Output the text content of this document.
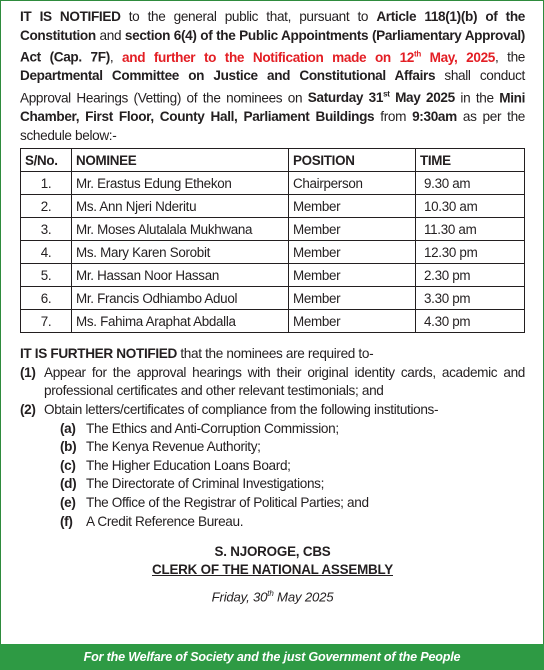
IT IS NOTIFIED to the general public that, pursuant to Article 118(1)(b) of the Constitution and section 6(4) of the Public Appointments (Parliamentary Approval) Act (Cap. 7F), and further to the Notification made on 12th May, 2025, the Departmental Committee on Justice and Constitutional Affairs shall conduct Approval Hearings (Vetting) of the nominees on Saturday 31st May 2025 in the Mini Chamber, First Floor, County Hall, Parliament Buildings from 9:30am as per the schedule below:-

S/No.	NOMINEE	POSITION	TIME
1.	Mr. Erastus Edung Ethekon	Chairperson	9.30 am
2.	Ms. Ann Njeri Nderitu	Member	10.30 am
3.	Mr. Moses Alutalala Mukhwana	Member	11.30 am
4.	Ms. Mary Karen Sorobit	Member	12.30 pm
5.	Mr. Hassan Noor Hassan	Member	2.30 pm
6.	Mr. Francis Odhiambo Aduol	Member	3.30 pm
7.	Ms. Fahima Araphat Abdalla	Member	4.30 pm

IT IS FURTHER NOTIFIED that the nominees are required to-

(1) Appear for the approval hearings with their original identity cards, academic and professional certificates and other relevant testimonials; and
(2) Obtain letters/certificates of compliance from the following institutions-
(a) The Ethics and Anti-Corruption Commission;
(b) The Kenya Revenue Authority;
(c) The Higher Education Loans Board;
(d) The Directorate of Criminal Investigations;
(e) The Office of the Registrar of Political Parties; and
(f) A Credit Reference Bureau.
S. NJOROGE, CBS
CLERK OF THE NATIONAL ASSEMBLY
Friday, 30th May 2025
For the Welfare of Society and the just Government of the People
